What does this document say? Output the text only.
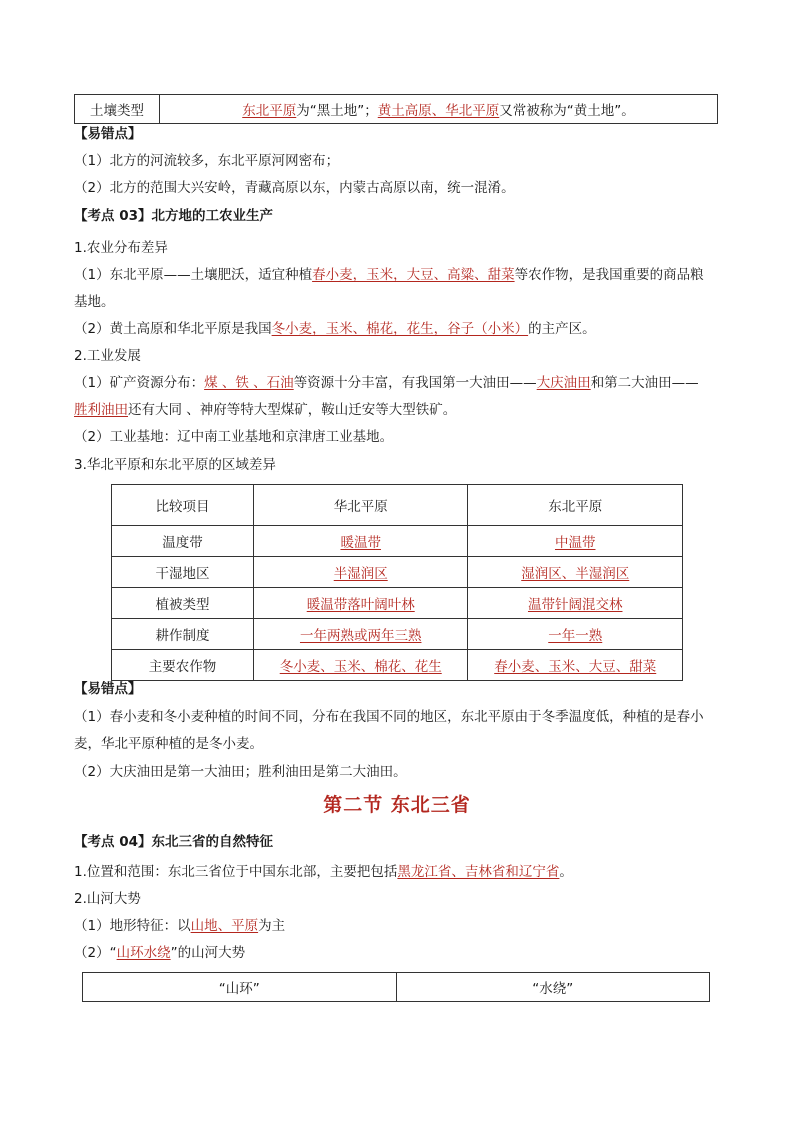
土壤类型	东北平原 为“黑土地”； 黄土高原、华北平原 又常被称为“黄土地”。
【易错点】
（1）北方的河流较多，东北平原河网密布；
（2）北方的范围大兴安岭，青藏高原以东，内蒙古高原以南，统一混淆。
【考点 03】北方地的工农业生产
1.农业分布差异
（1）东北平原——土壤肥沃，适宜种植春小麦，玉米，大豆、高粱、甜菜等农作物，是我国重要的商品粮
基地。
（2）黄土高原和华北平原是我国冬小麦，玉米、棉花，花生，谷子（小米）的主产区。
2.工业发展
（1）矿产资源分布：煤 、铁 、石油等资源十分丰富，有我国第一大油田——大庆油田和第二大油田——
胜利油田还有大同 、神府等特大型煤矿，鞍山迁安等大型铁矿。
（2）工业基地：辽中南工业基地和京津唐工业基地。
3.华北平原和东北平原的区域差异
比较项目	华北平原	东北平原
温度带	暖温带	中温带
干湿地区	半湿润区	湿润区、半湿润区
植被类型	暖温带落叶阔叶林	温带针阔混交林
耕作制度	一年两熟或两年三熟	一年一熟
主要农作物	冬小麦、玉米、棉花、花生	春小麦、玉米、大豆、甜菜
【易错点】
（1）春小麦和冬小麦种植的时间不同，分布在我国不同的地区，东北平原由于冬季温度低，种植的是春小
麦，华北平原种植的是冬小麦。
（2）大庆油田是第一大油田；胜利油田是第二大油田。
第二节 东北三省
【考点 04】东北三省的自然特征
1.位置和范围：东北三省位于中国东北部，主要把包括黑龙江省、吉林省和辽宁省。
2.山河大势
（1）地形特征：以山地、平原为主
（2）“山环水绕”的山河大势
“山环”	“水绕”
